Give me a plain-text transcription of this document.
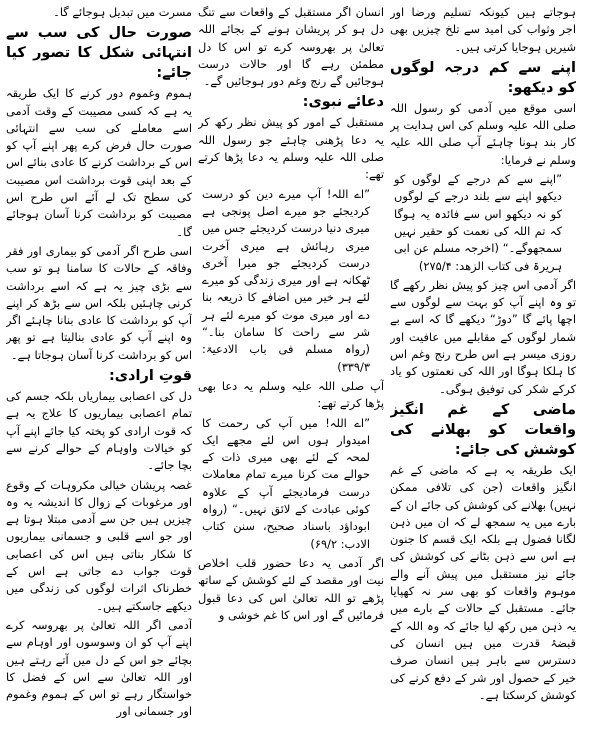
مسرت میں تبدیل ہوجائے گا۔

صورت حال کی سب سے انتہائی شکل کا تصور کیا جائے:

ہموم وغموم دور کرنے کا ایک طریقہ یہ ہے کہ کسی مصیبت کے وقت آدمی اسے معاملے کی سب سے انتہائی صورت حال فرض کرے پھر اپنے آپ کو اس کے برداشت کرنے کا عادی بنائے اس کے بعد اپنی قوت برداشت اس مصیبت کی سطح تک لے آئے اس طرح اس مصیبت کو برداشت کرنا آسان ہوجائے گا۔

اسی طرح اگر آدمی کو بیماری اور فقر وفاقہ کے حالات کا سامنا ہو تو سب سے بڑی چیز یہ ہے کہ اسے برداشت کرنی چاہئیں بلکہ اس سے بڑھ کر اپنے آپ کو برداشت کا عادی بنانا چاہئے اگر وہ اپنے آپ کو عادی بنالیتا ہے تو پھر اس کو برداشت کرنا آسان ہوجاتا ہے۔

قوتِ ارادی:

دل کی اعصابی بیماریاں بلکہ جسم کی تمام اعصابی بیماریوں کا علاج یہ ہے کہ قوت ارادی کو پختہ کیا جائے اپنے آپ کو خیالات واوہام کے حوالے کرنے سے بچا جائے۔

غصہ پریشان خیالی مکروہات کے وقوع اور مرغوبات کے زوال کا اندیشہ یہ وہ چیزیں ہیں جن سے آدمی مبتلا ہوتا ہے اور جو اسے قلبی و جسمانی بیماریوں کا شکار بناتی ہیں اس کی اعصابی قوت جواب دے جاتی ہے اس کے خطرناک اثرات لوگوں کی زندگی میں دیکھے جاسکتے ہیں۔

آدمی اگر اللہ تعالیٰ پر بھروسہ کرے اپنے آپ کو ان وسوسوں اور اوہام سے بچائے جو اس کے دل میں آتے رہتے ہیں اور اللہ تعالیٰ سے اس کے فضل کا خواستگار رہے تو اس کے ہموم وغموم اور جسمانی اور

انسان اگر مستقبل کے واقعات سے تنگ دل ہو کر پریشان ہونے کے بجائے اللہ تعالیٰ پر بھروسہ کرے تو اس کا دل مطمئن رہے گا اور حالات درست ہوجائیں گے رنج وغم دور ہوجائیں گے۔

دعائے نبوی:

مستقبل کے امور کو پیش نظر رکھ کر یہ دعا پڑھنی چاہئے جو رسول اللہ صلی اللہ علیہ وسلم یہ دعا پڑھا کرتے تھے:

”اے اللہ! آپ میرے دین کو درست کردیجئے جو میرے اصل پونجی ہے میری دنیا درست کردیجئے جس میں میری رہائش ہے میری آخرت درست کردیجئے جو میرا آخری ٹھکانہ ہے اور میری زندگی کو میرے لئے ہر خیر میں اضافے کا ذریعہ بنا دے اور میری موت کو میرے لئے ہر شر سے راحت کا سامان بنا۔“ (رواہ مسلم فی باب الادعیۃ: ۳۳۹/۳)

آپ صلی اللہ علیہ وسلم یہ دعا بھی پڑھا کرتے تھے:

”اے اللہ! میں آپ کی رحمت کا امیدوار ہوں اس لئے مجھے ایک لمحہ کے لئے بھی میری ذات کے حوالے مت کرنا میرے تمام معاملات درست فرمادیجئے آپ کے علاوہ کوئی عبادت کے لائق نہیں۔“ (رواہ ابوداؤد باسناد صحیح، سنن کتاب الادب: ۶۹/۲)

اگر آدمی یہ دعا حضور قلب اخلاص نیت اور مقصد کے لئے کوشش کے ساتھ پڑھے تو اللہ تعالیٰ اس کی دعا قبول فرمائیں گے اور اس کا غم خوشی و

ہوجاتے ہیں کیونکہ تسلیم ورضا اور اجر وثواب کی امید سے تلخ چیزیں بھی شیریں ہوجایا کرتی ہیں۔

اپنے سے کم درجہ لوگوں کو دیکھو:

اسی موقع میں آدمی کو رسول اللہ صلی اللہ علیہ وسلم کی اس ہدایت پر کار بند ہونا چاہئے آپ صلی اللہ علیہ وسلم نے فرمایا:

”اپنے سے کم درجے کے لوگوں کو دیکھو اپنے سے بلند درجے کے لوگوں کو نہ دیکھو اس سے فائدہ یہ ہوگا کہ تم اللہ کی نعمت کو حقیر نہیں سمجھوگے۔“ (اخرجہ مسلم عن ابی ہریرۃ فی کتاب الزھد: ۲۷۵/۴)

اگر آدمی اس چیز کو پیش نظر رکھے گا تو وہ اپنے آپ کو بہت سے لوگوں سے اچھا پائے گا ”دوڑ“ دیکھے گا کہ اسے بے شمار لوگوں کے مقابلے میں عافیت اور روزی میسر ہے اس طرح رنج وغم اس کا ہلکا ہوگا اور اللہ کی نعمتوں کو یاد کرکے شکر کی توفیق ہوگی۔

ماضی کے غم انگیز واقعات کو بھلانے کی کوشش کی جائے:

ایک طریقہ یہ ہے کہ ماضی کے غم انگیز واقعات (جن کی تلافی ممکن نہیں) بھلانے کی کوشش کی جائے ان کے بارے میں یہ سمجھ لے کہ ان میں ذہن لگانا فضول ہے بلکہ ایک قسم کا جنون ہے اس سے ذہن بٹانے کی کوشش کی جائے نیز مستقبل میں پیش آنے والے موہوم واقعات کو بھی سر نہ کھپایا جائے۔ مستقبل کے حالات کے بارے میں یہ ذہن میں رکھ لیا جائے کہ وہ اللہ کے قبضۂ قدرت میں ہیں انسان کی دسترس سے باہر ہیں انسان صرف خیر کے حصول اور شر کے دفع کرنے کی کوشش کرسکتا ہے۔
